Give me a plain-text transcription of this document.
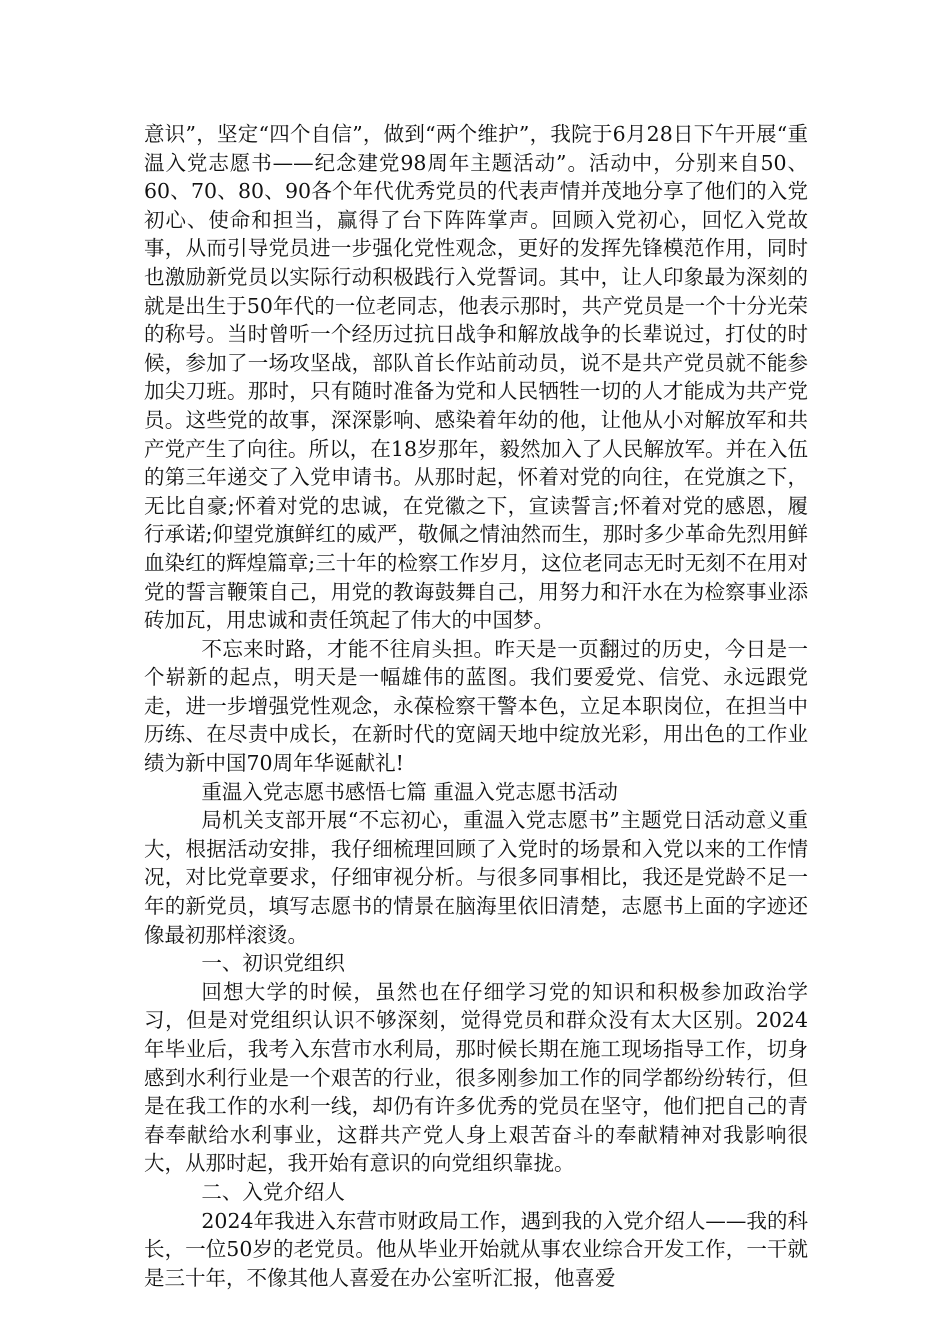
意识”，坚定“四个自信”，做到“两个维护”，我院于6月28日下午开展“重温入党志愿书——纪念建党98周年主题活动”。活动中，分别来自50、60、70、80、90各个年代优秀党员的代表声情并茂地分享了他们的入党初心、使命和担当，赢得了台下阵阵掌声。回顾入党初心，回忆入党故事，从而引导党员进一步强化党性观念，更好的发挥先锋模范作用，同时也激励新党员以实际行动积极践行入党誓词。其中，让人印象最为深刻的就是出生于50年代的一位老同志，他表示那时，共产党员是一个十分光荣的称号。当时曾听一个经历过抗日战争和解放战争的长辈说过，打仗的时候，参加了一场攻坚战，部队首长作站前动员，说不是共产党员就不能参加尖刀班。那时，只有随时准备为党和人民牺牲一切的人才能成为共产党员。这些党的故事，深深影响、感染着年幼的他，让他从小对解放军和共产党产生了向往。所以，在18岁那年，毅然加入了人民解放军。并在入伍的第三年递交了入党申请书。从那时起，怀着对党的向往，在党旗之下，无比自豪;怀着对党的忠诚，在党徽之下，宣读誓言;怀着对党的感恩，履行承诺;仰望党旗鲜红的威严，敬佩之情油然而生，那时多少革命先烈用鲜血染红的辉煌篇章;三十年的检察工作岁月，这位老同志无时无刻不在用对党的誓言鞭策自己，用党的教诲鼓舞自己，用努力和汗水在为检察事业添砖加瓦，用忠诚和责任筑起了伟大的中国梦。

不忘来时路，才能不往肩头担。昨天是一页翻过的历史，今日是一个崭新的起点，明天是一幅雄伟的蓝图。我们要爱党、信党、永远跟党走，进一步增强党性观念，永葆检察干警本色，立足本职岗位，在担当中历练、在尽责中成长，在新时代的宽阔天地中绽放光彩，用出色的工作业绩为新中国70周年华诞献礼!

重温入党志愿书感悟七篇 重温入党志愿书活动

局机关支部开展“不忘初心，重温入党志愿书”主题党日活动意义重大，根据活动安排，我仔细梳理回顾了入党时的场景和入党以来的工作情况，对比党章要求，仔细审视分析。与很多同事相比，我还是党龄不足一年的新党员，填写志愿书的情景在脑海里依旧清楚，志愿书上面的字迹还像最初那样滚烫。

一、初识党组织

回想大学的时候，虽然也在仔细学习党的知识和积极参加政治学习，但是对党组织认识不够深刻，觉得党员和群众没有太大区别。2024年毕业后，我考入东营市水利局，那时候长期在施工现场指导工作，切身感到水利行业是一个艰苦的行业，很多刚参加工作的同学都纷纷转行，但是在我工作的水利一线，却仍有许多优秀的党员在坚守，他们把自己的青春奉献给水利事业，这群共产党人身上艰苦奋斗的奉献精神对我影响很大，从那时起，我开始有意识的向党组织靠拢。

二、入党介绍人

2024年我进入东营市财政局工作，遇到我的入党介绍人——我的科长，一位50岁的老党员。他从毕业开始就从事农业综合开发工作，一干就是三十年，不像其他人喜爱在办公室听汇报，他喜爱
